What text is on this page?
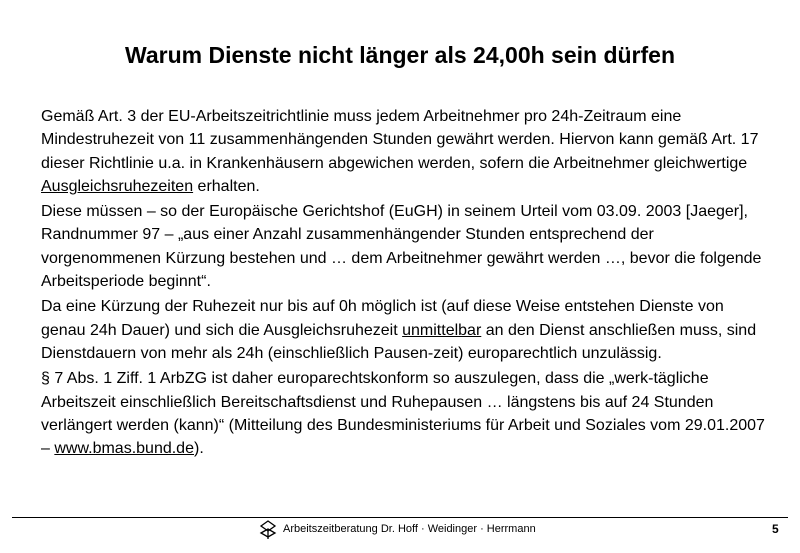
Warum Dienste nicht länger als 24,00h sein dürfen

Gemäß Art. 3 der EU-Arbeitszeitrichtlinie muss jedem Arbeitnehmer pro 24h-Zeitraum eine Mindestruhezeit von 11 zusammenhängenden Stunden gewährt werden. Hiervon kann gemäß Art. 17 dieser Richtlinie u.a. in Krankenhäusern abgewichen werden, sofern die Arbeitnehmer gleichwertige Ausgleichsruhezeiten erhalten.

Diese müssen – so der Europäische Gerichtshof (EuGH) in seinem Urteil vom 03.09. 2003 [Jaeger], Randnummer 97 – „aus einer Anzahl zusammenhängender Stunden entsprechend der vorgenommenen Kürzung bestehen und … dem Arbeitnehmer gewährt werden …, bevor die folgende Arbeitsperiode beginnt“.

Da eine Kürzung der Ruhezeit nur bis auf 0h möglich ist (auf diese Weise entstehen Dienste von genau 24h Dauer) und sich die Ausgleichsruhezeit unmittelbar an den Dienst anschließen muss, sind Dienstdauern von mehr als 24h (einschließlich Pausen-zeit) europarechtlich unzulässig.

§ 7 Abs. 1 Ziff. 1 ArbZG ist daher europarechtskonform so auszulegen, dass die „werk-tägliche Arbeitszeit einschließlich Bereitschaftsdienst und Ruhepausen … längstens bis auf 24 Stunden verlängert werden (kann)“ (Mitteilung des Bundesministeriums für Arbeit und Soziales vom 29.01.2007 – www.bmas.bund.de).

Arbeitszeitberatung Dr. Hoff · Weidinger · Herrmann	5
